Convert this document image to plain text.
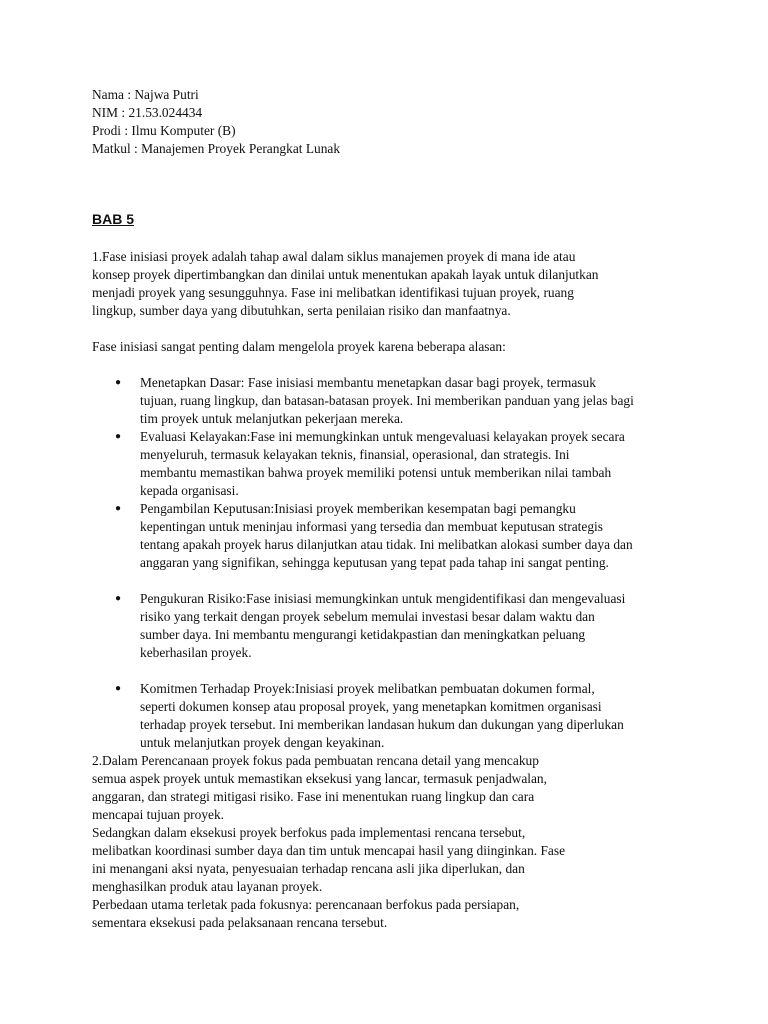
Nama : Najwa Putri

NIM : 21.53.024434

Prodi : Ilmu Komputer (B)

Matkul : Manajemen Proyek Perangkat Lunak

BAB 5

1.Fase inisiasi proyek adalah tahap awal dalam siklus manajemen proyek di mana ide atau
konsep proyek dipertimbangkan dan dinilai untuk menentukan apakah layak untuk dilanjutkan
menjadi proyek yang sesungguhnya. Fase ini melibatkan identifikasi tujuan proyek, ruang
lingkup, sumber daya yang dibutuhkan, serta penilaian risiko dan manfaatnya.

Fase inisiasi sangat penting dalam mengelola proyek karena beberapa alasan:

● Menetapkan Dasar: Fase inisiasi membantu menetapkan dasar bagi proyek, termasuk
tujuan, ruang lingkup, dan batasan-batasan proyek. Ini memberikan panduan yang jelas bagi
tim proyek untuk melanjutkan pekerjaan mereka.
● Evaluasi Kelayakan:Fase ini memungkinkan untuk mengevaluasi kelayakan proyek secara
menyeluruh, termasuk kelayakan teknis, finansial, operasional, dan strategis. Ini
membantu memastikan bahwa proyek memiliki potensi untuk memberikan nilai tambah
kepada organisasi.
● Pengambilan Keputusan:Inisiasi proyek memberikan kesempatan bagi pemangku
kepentingan untuk meninjau informasi yang tersedia dan membuat keputusan strategis
tentang apakah proyek harus dilanjutkan atau tidak. Ini melibatkan alokasi sumber daya dan
anggaran yang signifikan, sehingga keputusan yang tepat pada tahap ini sangat penting.
● Pengukuran Risiko:Fase inisiasi memungkinkan untuk mengidentifikasi dan mengevaluasi
risiko yang terkait dengan proyek sebelum memulai investasi besar dalam waktu dan
sumber daya. Ini membantu mengurangi ketidakpastian dan meningkatkan peluang
keberhasilan proyek.
● Komitmen Terhadap Proyek:Inisiasi proyek melibatkan pembuatan dokumen formal,
seperti dokumen konsep atau proposal proyek, yang menetapkan komitmen organisasi
terhadap proyek tersebut. Ini memberikan landasan hukum dan dukungan yang diperlukan
untuk melanjutkan proyek dengan keyakinan.

2.Dalam Perencanaan proyek fokus pada pembuatan rencana detail yang mencakup
semua aspek proyek untuk memastikan eksekusi yang lancar, termasuk penjadwalan,
anggaran, dan strategi mitigasi risiko. Fase ini menentukan ruang lingkup dan cara
mencapai tujuan proyek.
Sedangkan dalam eksekusi proyek berfokus pada implementasi rencana tersebut,
melibatkan koordinasi sumber daya dan tim untuk mencapai hasil yang diinginkan. Fase
ini menangani aksi nyata, penyesuaian terhadap rencana asli jika diperlukan, dan
menghasilkan produk atau layanan proyek.
Perbedaan utama terletak pada fokusnya: perencanaan berfokus pada persiapan,
sementara eksekusi pada pelaksanaan rencana tersebut.
